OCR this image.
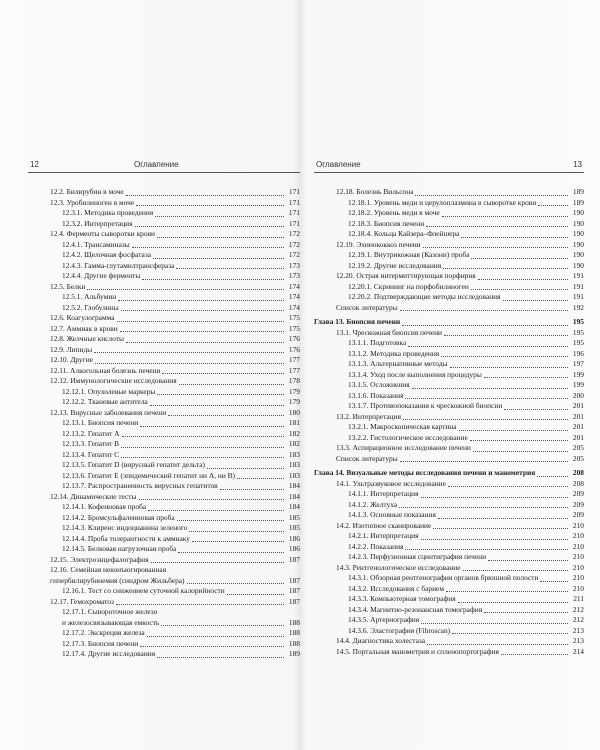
12	Оглавление
12.2. Билирубин в моче	171
12.3. Уробилиноген в моче	171
12.3.1. Методика проведения	171
12.3.2. Интерпретация	171
12.4. Ферменты сыворотки крови	172
12.4.1. Трансаминазы	172
12.4.2. Щелочная фосфатаза	172
12.4.3. Гамма-глутамилтрансфераза	173
12.4.4. Другие ферменты	173
12.5. Белки	174
12.5.1. Альбумин	174
12.5.2. Глобулины	174
12.6. Коагулограмма	175
12.7. Аммиак в крови	175
12.8. Желчные кислоты	176
12.9. Липиды	176
12.10. Другие	177
12.11. Алкогольная болезнь печени	177
12.12. Иммунологические исследования	178
12.12.1. Опухолевые маркеры	179
12.12.2. Тканевые антитела	179
12.13. Вирусные заболевания печени	180
12.13.1. Биопсия печени	181
12.13.2. Гепатит А	182
12.13.3. Гепатит В	182
12.13.4. Гепатит С	183
12.13.5. Гепатит D (вирусный гепатит дельта)	183
12.13.6. Гепатит Е (эпидемический гепатит ни А, ни В)	183
12.13.7. Распространенность вирусных гепатитов	184
12.14. Динамические тесты	184
12.14.1. Кофеиновая проба	184
12.14.2. Бромсульфалеиновая проба	185
12.14.3. Клиренс индоцианина зеленого	185
12.14.4. Проба толерантности к аммиаку	186
12.14.5. Белковая нагрузочная проба	186
12.15. Электроэнцефалография	187
12.16. Семейная неконъюгированная
гипербилирубинемия (синдром Жильбера)	187
12.16.1. Тест со снижением суточной калорийности	187
12.17. Гемохроматоз	187
12.17.1. Сывороточное железо
и железосвязывающая емкость	188
12.17.2. Экскреция железа	188
12.17.3. Биопсия печени	188
12.17.4. Другие исследования	189
Оглавление	13
12.18. Болезнь Вильсона	189
12.18.1. Уровень меди и церулоплазмина в сыворотке крови	189
12.18.2. Уровень меди в моче	190
12.18.3. Биопсия печени	190
12.18.4. Кольца Кайзера–Флейшера	190
12.19. Эхинококкоз печени	190
12.19.1. Внутрикожная (Казони) проба	190
12.19.2. Другие исследования	190
12.20. Острая интермиттирующая порфирия	191
12.20.1. Скрининг на порфобилиноген	191
12.20.2. Подтверждающие методы исследования	191
Список литературы	192
Глава 13. Биопсия печени	195
13.1. Чрескожная биопсия печени	195
13.1.1. Подготовка	195
13.1.2. Методика проведения	196
13.1.3. Альтернативные методы	197
13.1.4. Уход после выполнения процедуры	199
13.1.5. Осложнения	199
13.1.6. Показания	200
13.1.7. Противопоказания к чрескожной биопсии	201
13.2. Интерпретация	201
13.2.1. Макроскопическая картина	201
13.2.2. Гистологическое исследование	201
13.3. Аспирационное исследование печени	205
Список литературы	205
Глава 14. Визуальные методы исследования печени и манометрия	208
14.1. Ультразвуковое исследование	208
14.1.1. Интерпретация	209
14.1.2. Желтуха	209
14.1.3. Основные показания	209
14.2. Изотопное сканирование	210
14.2.1. Интерпретация	210
14.2.2. Показания	210
14.2.3. Перфузионная сцинтиграфия печени	210
14.3. Рентгенологическое исследование	210
14.3.1. Обзорная рентгенография органов брюшной полости	210
14.3.2. Исследования с барием	210
14.3.3. Компьютерная томография	211
14.3.4. Магнитно-резонансная томография	212
14.3.5. Артериография	212
14.3.6. Эластография (Fibroscan)	213
14.4. Диагностика холестаза	213
14.5. Портальная манометрия и спленопортография	214
